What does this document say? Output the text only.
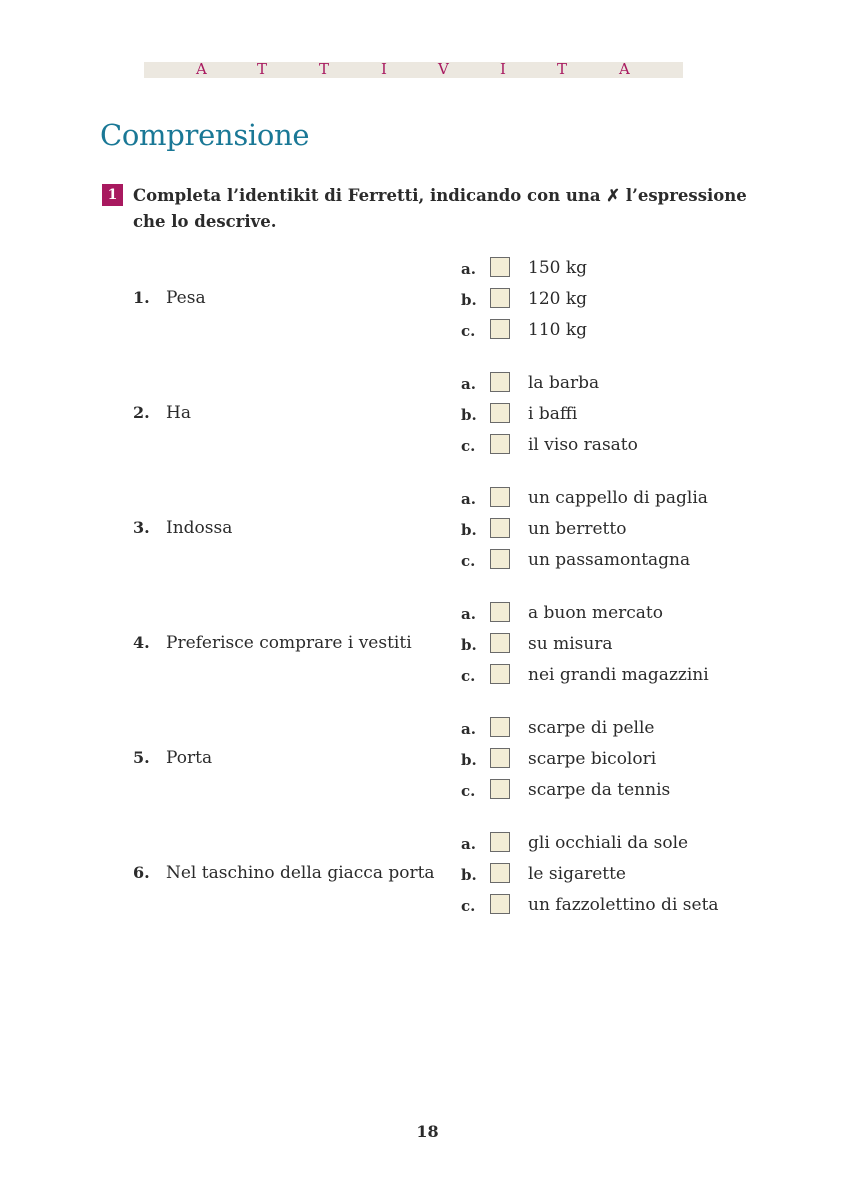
A	T	T	I	V	I	T	A
Comprensione
1 Completa l’identikit di Ferretti, indicando con una ✗ l’espressione che lo descrive.

1. Pesa
a.	150 kg
b.	120 kg
c.	110 kg
2. Ha
a.	la barba
b.	i baffi
c.	il viso rasato
3. Indossa
a.	un cappello di paglia
b.	un berretto
c.	un passamontagna
4. Preferisce comprare i vestiti
a.	a buon mercato
b.	su misura
c.	nei grandi magazzini
5. Porta
a.	scarpe di pelle
b.	scarpe bicolori
c.	scarpe da tennis
6. Nel taschino della giacca porta
a.	gli occhiali da sole
b.	le sigarette
c.	un fazzolettino di seta
18
